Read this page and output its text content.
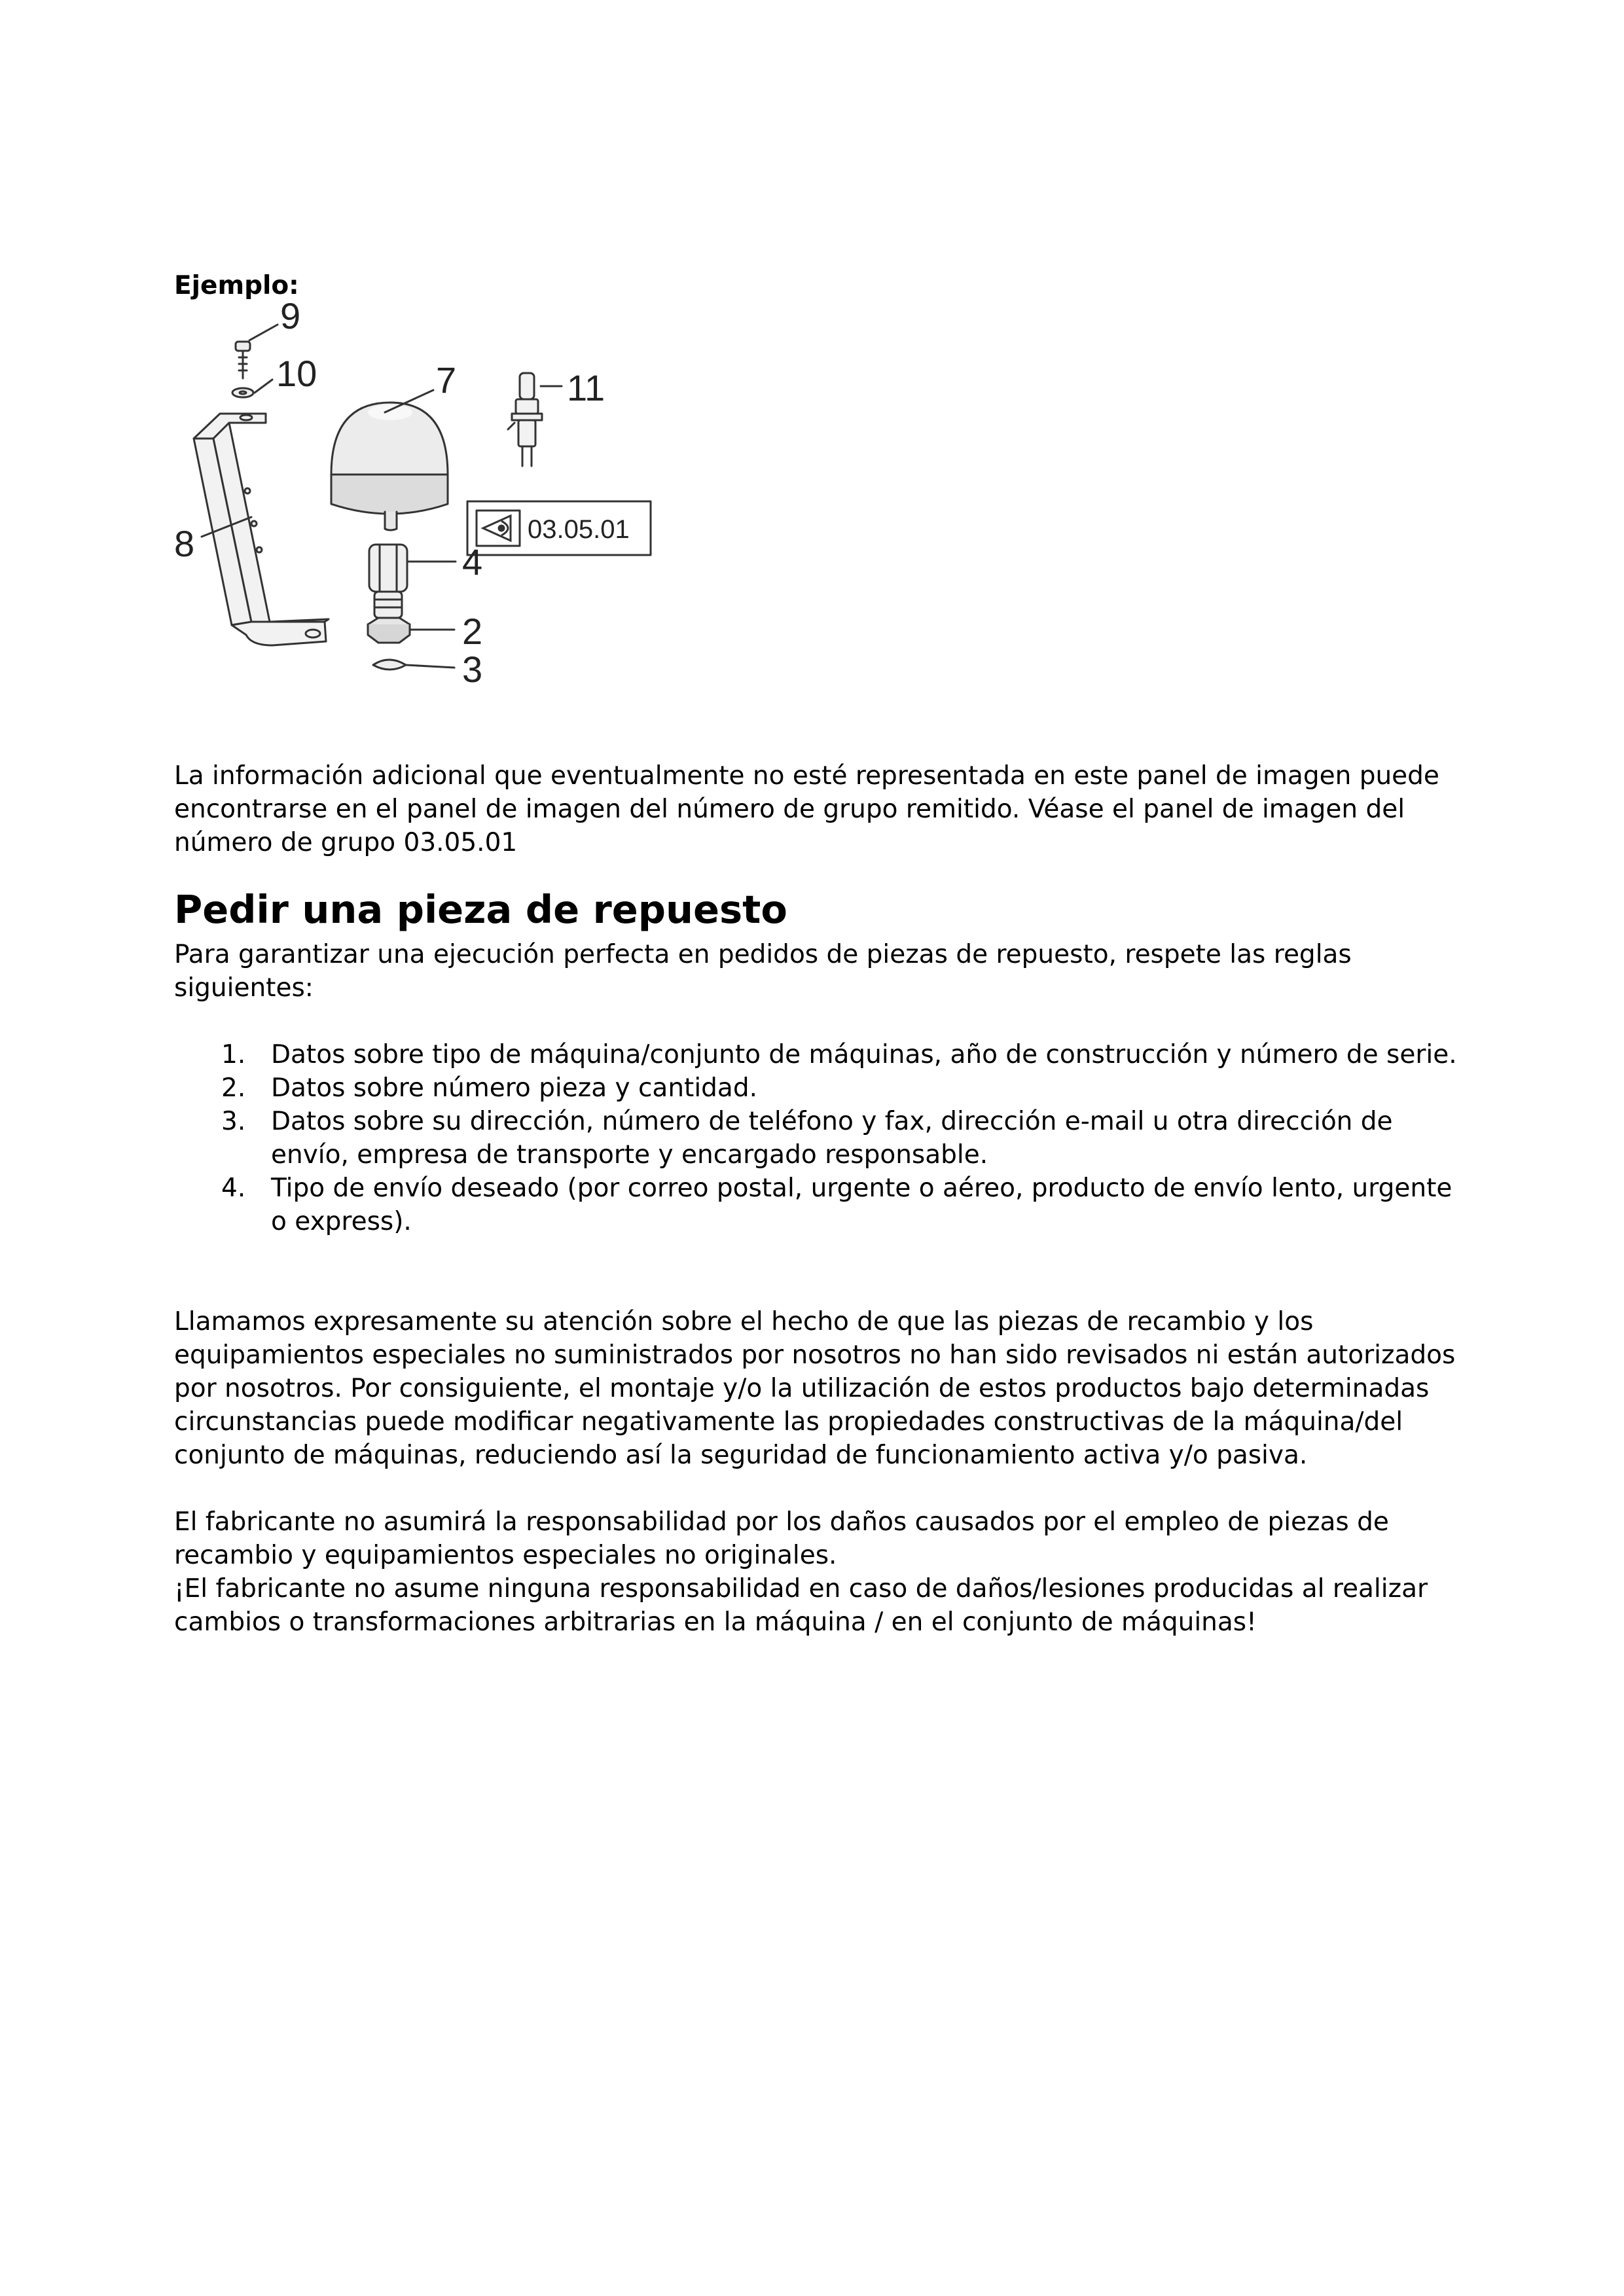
Ejemplo:

03.05.01
9
10	7	11
8	4
2
3

La información adicional que eventualmente no esté representada en este panel de imagen puede encontrarse en el panel de imagen del número de grupo remitido. Véase el panel de imagen del número de grupo 03.05.01

Pedir una pieza de repuesto

Para garantizar una ejecución perfecta en pedidos de piezas de repuesto, respete las reglas siguientes:

1. Datos sobre tipo de máquina/conjunto de máquinas, año de construcción y número de serie.
2. Datos sobre número pieza y cantidad.
3. Datos sobre su dirección, número de teléfono y fax, dirección e-mail u otra dirección de envío, empresa de transporte y encargado responsable.
4. Tipo de envío deseado (por correo postal, urgente o aéreo, producto de envío lento, urgente o express).

Llamamos expresamente su atención sobre el hecho de que las piezas de recambio y los equipamientos especiales no suministrados por nosotros no han sido revisados ni están autorizados por nosotros. Por consiguiente, el montaje y/o la utilización de estos productos bajo determinadas circunstancias puede modificar negativamente las propiedades constructivas de la máquina/del conjunto de máquinas, reduciendo así la seguridad de funcionamiento activa y/o pasiva.

El fabricante no asumirá la responsabilidad por los daños causados por el empleo de piezas de recambio y equipamientos especiales no originales.

¡El fabricante no asume ninguna responsabilidad en caso de daños/lesiones producidas al realizar cambios o transformaciones arbitrarias en la máquina / en el conjunto de máquinas!
